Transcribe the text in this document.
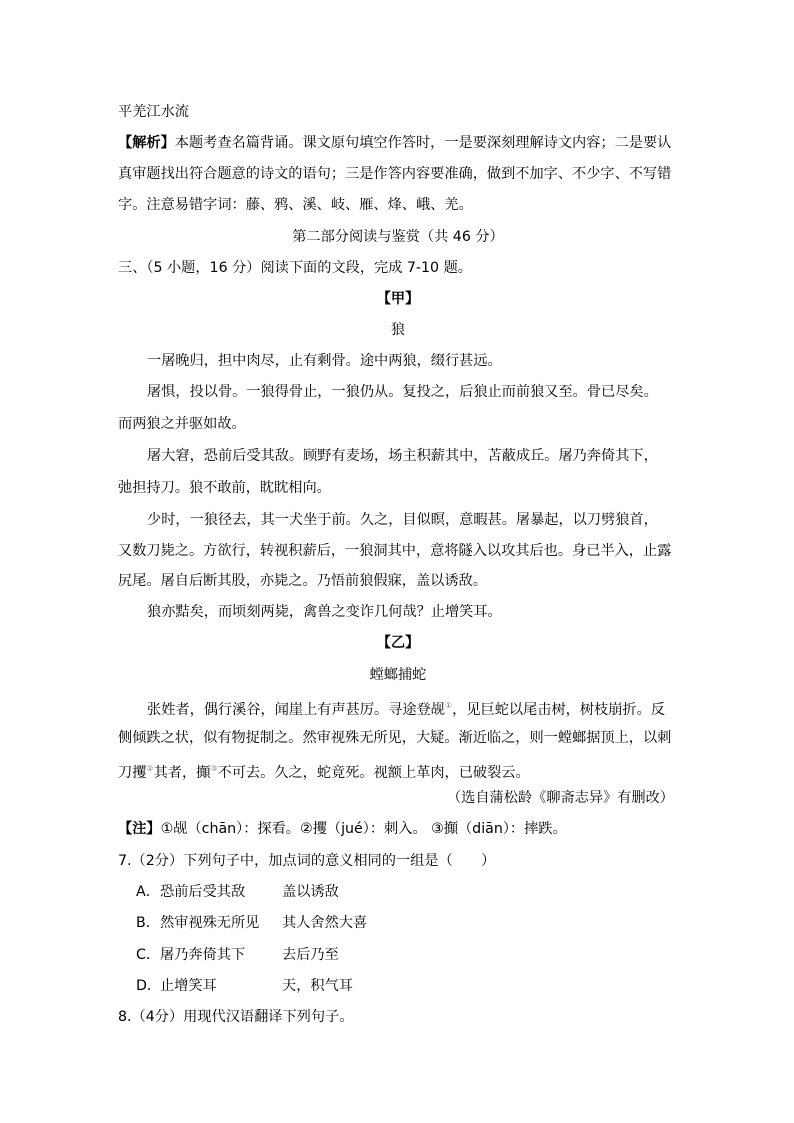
平羌江水流
【解析】本题考查名篇背诵。课文原句填空作答时，一是要深刻理解诗文内容；二是要认
真审题找出符合题意的诗文的语句；三是作答内容要准确，做到不加字、不少字、不写错
字。注意易错字词：藤、鸦、溪、岐、雁、烽、峨、羌。
第二部分阅读与鉴赏（共 46 分）
三、（5 小题，16 分）阅读下面的文段，完成 7-10 题。
【甲】
狼
一屠晚归，担中肉尽，止有剩骨。途中两狼，缀行甚远。
屠惧，投以骨。一狼得骨止，一狼仍从。复投之，后狼止而前狼又至。骨已尽矣。
而两狼之并驱如故。
屠大窘，恐前后受其敌。顾野有麦场，场主积薪其中，苫蔽成丘。屠乃奔倚其下，
弛担持刀。狼不敢前，眈眈相向。
少时，一狼径去，其一犬坐于前。久之，目似瞑，意暇甚。屠暴起，以刀劈狼首，
又数刀毙之。方欲行，转视积薪后，一狼洞其中，意将隧入以攻其后也。身已半入，止露
尻尾。屠自后断其股，亦毙之。乃悟前狼假寐，盖以诱敌。
狼亦黠矣，而顷刻两毙，禽兽之变诈几何哉？止增笑耳。
【乙】
螳螂捕蛇
张姓者，偶行溪谷，闻崖上有声甚厉。寻途登觇①，见巨蛇以尾击树，树枝崩折。反
侧倾跌之状，似有物捉制之。然审视殊无所见，大疑。渐近临之，则一螳螂据顶上，以刺
刀攫②其者，攧③不可去。久之，蛇竟死。视额上革肉，已破裂云。
（选自蒲松龄《聊斋志异》有删改）
【注】①觇（chān）：探看。②攫（jué）：刺入。 ③攧（diān）：摔跌。
7.（2分）下列句子中，加点词的意义相同的一组是（　　）
A．恐前后受其敌	盖以诱敌
B．然审视殊无所见 其人舍然大喜
C．屠乃奔倚其下	去后乃至
D．止增笑耳	天，积气耳
8.（4分）用现代汉语翻译下列句子。
